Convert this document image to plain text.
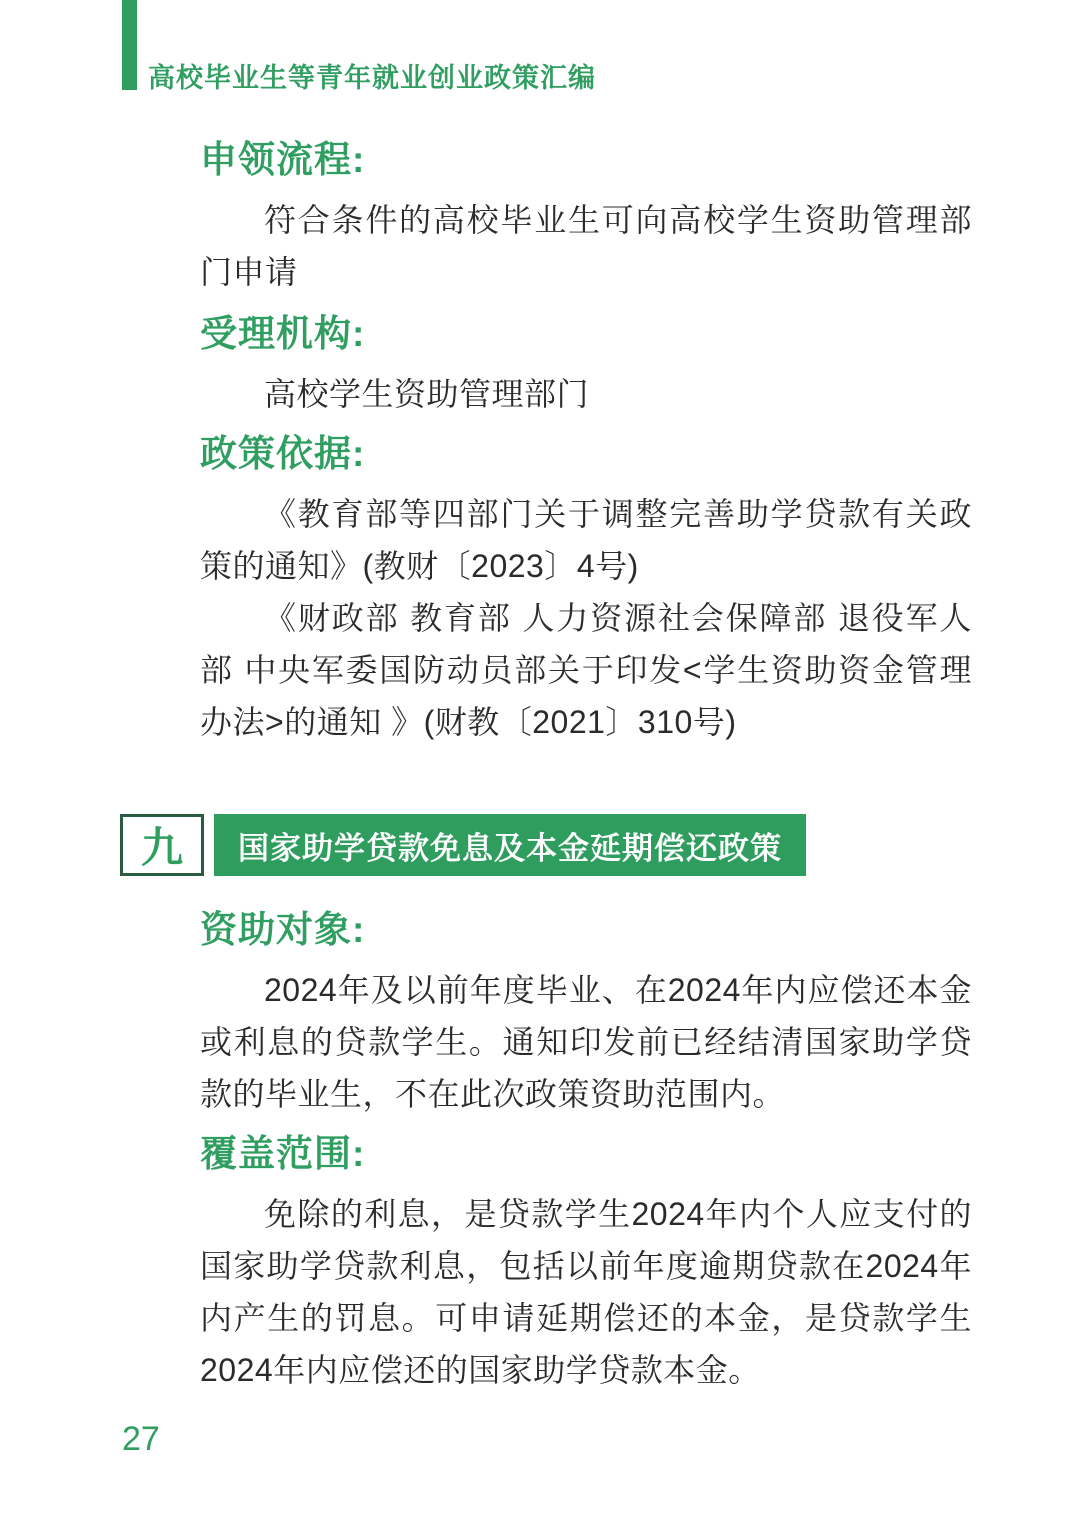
高校毕业生等青年就业创业政策汇编
申领流程:

符合条件的高校毕业生可向高校学生资助管理部门申请

受理机构:

高校学生资助管理部门

政策依据:

《教育部等四部门关于调整完善助学贷款有关政策的通知》(教财〔2023〕4号)

《财政部 教育部 人力资源社会保障部 退役军人部 中央军委国防动员部关于印发<学生资助资金管理办法>的通知 》(财教〔2021〕310号)

九 国家助学贷款免息及本金延期偿还政策
资助对象:

2024年及以前年度毕业、在2024年内应偿还本金或利息的贷款学生。通知印发前已经结清国家助学贷款的毕业生，不在此次政策资助范围内。

覆盖范围:

免除的利息，是贷款学生2024年内个人应支付的国家助学贷款利息，包括以前年度逾期贷款在2024年内产生的罚息。可申请延期偿还的本金，是贷款学生2024年内应偿还的国家助学贷款本金。

27
